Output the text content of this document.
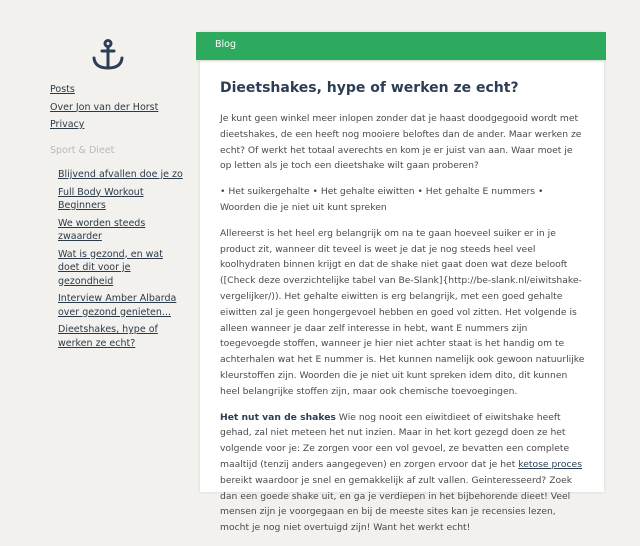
Posts
Over Jon van der Horst
Privacy
Sport & Dieet
Blijvend afvallen doe je zo
Full Body Workout Beginners
We worden steeds zwaarder
Wat is gezond, en wat doet dit voor je gezondheid
Interview Amber Albarda over gezond genieten...
Dieetshakes, hype of werken ze echt?
Blog
Dieetshakes, hype of werken ze echt?

Je kunt geen winkel meer inlopen zonder dat je haast doodgegooid wordt met dieetshakes, de een heeft nog mooiere beloftes dan de ander. Maar werken ze echt? Of werkt het totaal averechts en kom je er juist van aan. Waar moet je op letten als je toch een dieetshake wilt gaan proberen?

• Het suikergehalte • Het gehalte eiwitten • Het gehalte E nummers • Woorden die je niet uit kunt spreken

Allereerst is het heel erg belangrijk om na te gaan hoeveel suiker er in je product zit, wanneer dit teveel is weet je dat je nog steeds heel veel koolhydraten binnen krijgt en dat de shake niet gaat doen wat deze belooft ([Check deze overzichtelijke tabel van Be-Slank]{http://be-slank.nl/eiwitshake-vergelijker/)). Het gehalte eiwitten is erg belangrijk, met een goed gehalte eiwitten zal je geen hongergevoel hebben en goed vol zitten. Het volgende is alleen wanneer je daar zelf interesse in hebt, want E nummers zijn toegevoegde stoffen, wanneer je hier niet achter staat is het handig om te achterhalen wat het E nummer is. Het kunnen namelijk ook gewoon natuurlijke kleurstoffen zijn. Woorden die je niet uit kunt spreken idem dito, dit kunnen heel belangrijke stoffen zijn, maar ook chemische toevoegingen.

Het nut van de shakes Wie nog nooit een eiwitdieet of eiwitshake heeft gehad, zal niet meteen het nut inzien. Maar in het kort gezegd doen ze het volgende voor je: Ze zorgen voor een vol gevoel, ze bevatten een complete maaltijd (tenzij anders aangegeven) en zorgen ervoor dat je het ketose proces bereikt waardoor je snel en gemakkelijk af zult vallen. Geinteresseerd? Zoek dan een goede shake uit, en ga je verdiepen in het bijbehorende dieet! Veel mensen zijn je voorgegaan en bij de meeste sites kan je recensies lezen, mocht je nog niet overtuigd zijn! Want het werkt echt!
